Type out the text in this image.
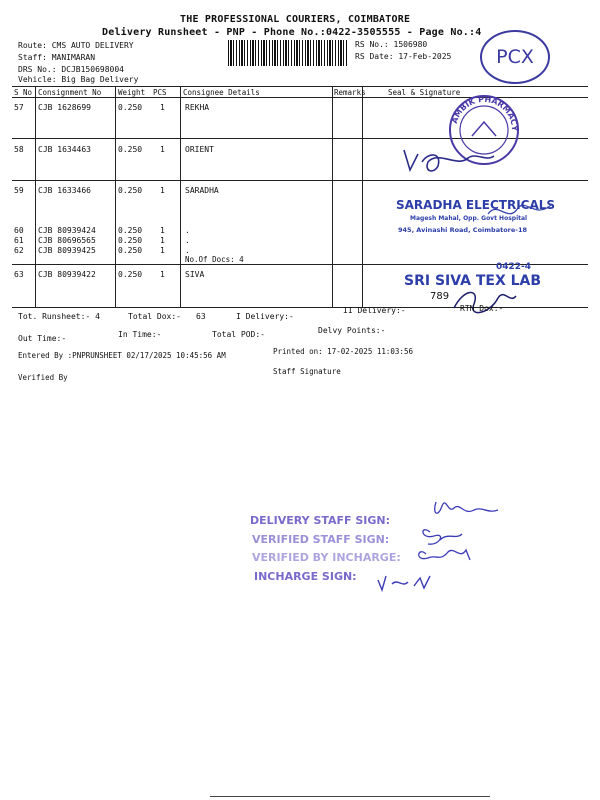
THE PROFESSIONAL COURIERS, COIMBATORE
Delivery Runsheet - PNP - Phone No.:0422-3505555 - Page No.:4
Route: CMS AUTO DELIVERY
Staff: MANIMARAN
DRS No.: DCJB150698004
Vehicle: Big Bag Delivery
RS No.: 1506980
RS Date: 17-Feb-2025	PCX
S No Consignment No Weight PCS Consignee Details	Remarks	Seal & Signature
57 CJB 1628699	0.250 1	REKHA
58 CJB 1634463	0.250 1	ORIENT
59 CJB 1633466	0.250 1	SARADHA
60 CJB 80939424	0.250 1	.
61 CJB 80696565	0.250 1	.
62 CJB 80939425	0.250 1	.
No.Of Docs: 4
63 CJB 80939422	0.250 1	SIVA
AMBIK PHARMACY
SARADHA ELECTRICALS
Magesh Mahal, Opp. Govt Hospital
945, Avinashi Road, Coimbatore-18
0422-4
SRI SIVA TEX LAB
789
Tot. Runsheet:- 4	Total Dox:- 63	I Delivery:-
II Delivery:-	RTN Dox:-
Out Time:-	In Time:-	Total POD:-	Delvy Points:-
Entered By :PNPRUNSHEET 02/17/2025 10:45:56 AM	Printed on: 17-02-2025 11:03:56
Staff Signature
Verified By
DELIVERY STAFF SIGN:
VERIFIED STAFF SIGN:
VERIFIED BY INCHARGE:
INCHARGE SIGN:
